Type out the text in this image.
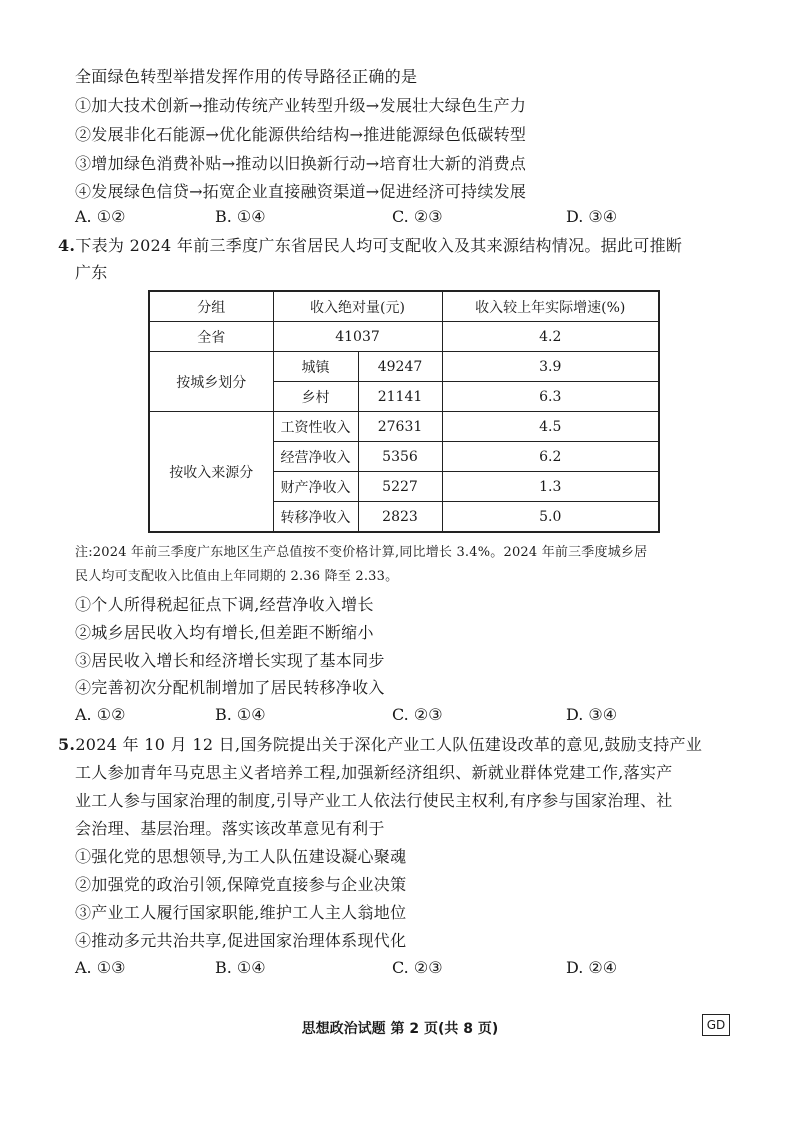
全面绿色转型举措发挥作用的传导路径正确的是
①加大技术创新→推动传统产业转型升级→发展壮大绿色生产力
②发展非化石能源→优化能源供给结构→推进能源绿色低碳转型
③增加绿色消费补贴→推动以旧换新行动→培育壮大新的消费点
④发展绿色信贷→拓宽企业直接融资渠道→促进经济可持续发展
A. ①②	B. ①④	C. ②③	D. ③④
4.下表为 2024 年前三季度广东省居民人均可支配收入及其来源结构情况。据此可推断
广东
分组	收入绝对量(元)		收入较上年实际增速(%)
全省	41037		4.2
按城乡划分	城镇	49247	3.9
	乡村	21141	6.3
按收入来源分	工资性收入	27631	4.5
	经营净收入	5356	6.2
	财产净收入	5227	1.3
	转移净收入	2823	5.0
注:2024 年前三季度广东地区生产总值按不变价格计算,同比增长 3.4%。2024 年前三季度城乡居
民人均可支配收入比值由上年同期的 2.36 降至 2.33。
①个人所得税起征点下调,经营净收入增长
②城乡居民收入均有增长,但差距不断缩小
③居民收入增长和经济增长实现了基本同步
④完善初次分配机制增加了居民转移净收入
A. ①②	B. ①④	C. ②③	D. ③④
5.2024 年 10 月 12 日,国务院提出关于深化产业工人队伍建设改革的意见,鼓励支持产业
工人参加青年马克思主义者培养工程,加强新经济组织、新就业群体党建工作,落实产
业工人参与国家治理的制度,引导产业工人依法行使民主权利,有序参与国家治理、社
会治理、基层治理。落实该改革意见有利于
①强化党的思想领导,为工人队伍建设凝心聚魂
②加强党的政治引领,保障党直接参与企业决策
③产业工人履行国家职能,维护工人主人翁地位
④推动多元共治共享,促进国家治理体系现代化
A. ①③	B. ①④	C. ②③	D. ②④
思想政治试题 第 2 页(共 8 页)	GD
